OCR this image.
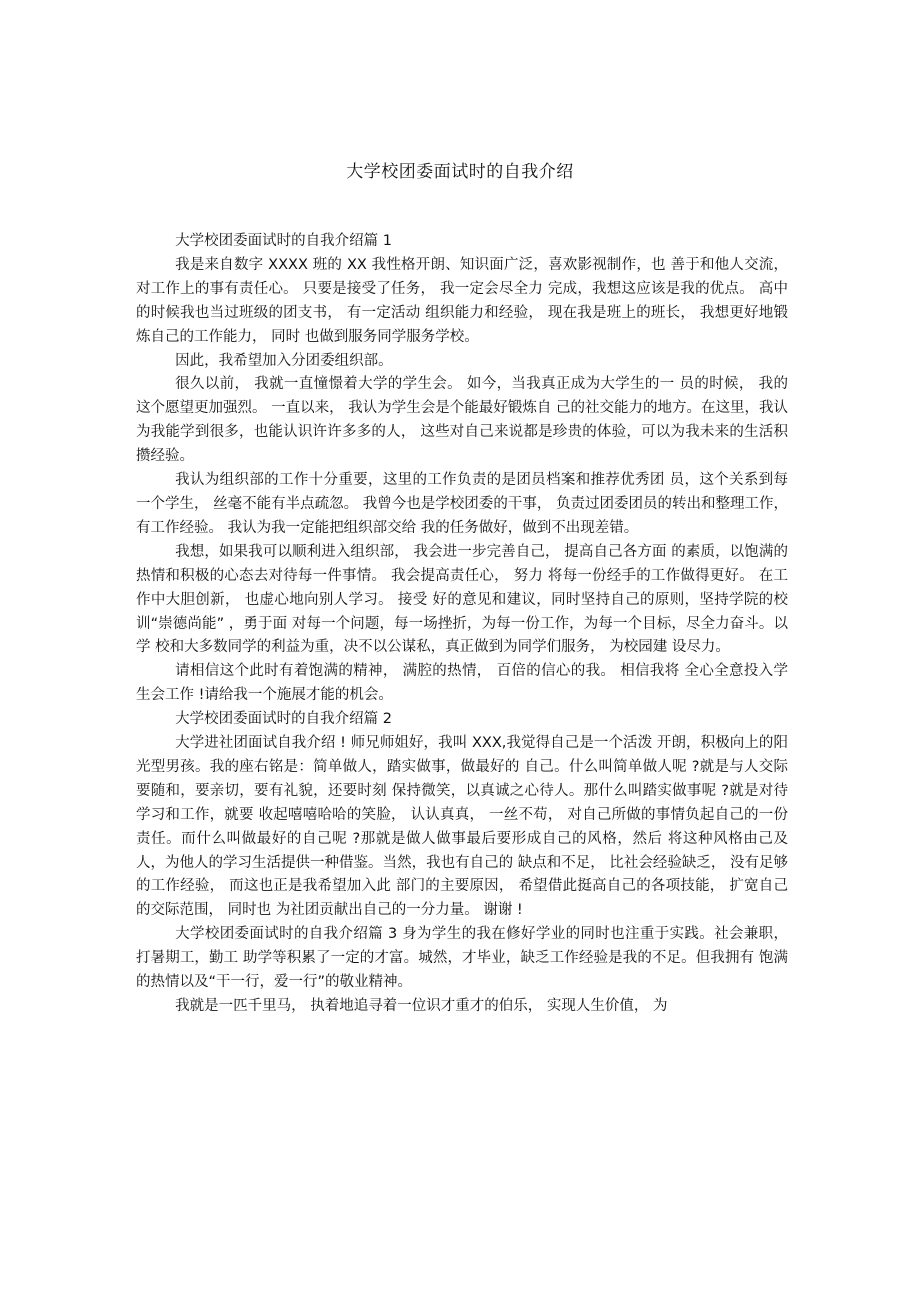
大学校团委面试时的自我介绍

大学校团委面试时的自我介绍篇 1

我是来自数字 XXXX 班的 XX 我性格开朗、知识面广泛，喜欢影视制作，也 善于和他人交流， 对工作上的事有责任心。 只要是接受了任务， 我一定会尽全力 完成，我想这应该是我的优点。 高中的时候我也当过班级的团支书， 有一定活动 组织能力和经验， 现在我是班上的班长， 我想更好地锻炼自己的工作能力， 同时 也做到服务同学服务学校。

因此，我希望加入分团委组织部。

很久以前， 我就一直憧憬着大学的学生会。 如今，当我真正成为大学生的一 员的时候， 我的这个愿望更加强烈。 一直以来， 我认为学生会是个能最好锻炼自 己的社交能力的地方。在这里，我认为我能学到很多，也能认识许许多多的人， 这些对自己来说都是珍贵的体验，可以为我未来的生活积攒经验。

我认为组织部的工作十分重要，这里的工作负责的是团员档案和推荐优秀团 员，这个关系到每一个学生， 丝毫不能有半点疏忽。 我曾今也是学校团委的干事， 负责过团委团员的转出和整理工作， 有工作经验。 我认为我一定能把组织部交给 我的任务做好，做到不出现差错。

我想，如果我可以顺利进入组织部， 我会进一步完善自己， 提高自己各方面 的素质，以饱满的热情和积极的心态去对待每一件事情。 我会提高责任心， 努力 将每一份经手的工作做得更好。 在工作中大胆创新， 也虚心地向别人学习。 接受 好的意见和建议，同时坚持自己的原则，坚持学院的校训“崇德尚能” ，勇于面 对每一个问题，每一场挫折，为每一份工作，为每一个目标，尽全力奋斗。以学 校和大多数同学的利益为重，决不以公谋私，真正做到为同学们服务， 为校园建 设尽力。

请相信这个此时有着饱满的精神， 满腔的热情， 百倍的信心的我。 相信我将 全心全意投入学生会工作 !请给我一个施展才能的机会。

大学校团委面试时的自我介绍篇 2

大学进社团面试自我介绍 ! 师兄师姐好，我叫 XXX,我觉得自己是一个活泼 开朗，积极向上的阳光型男孩。我的座右铭是：简单做人，踏实做事，做最好的 自己。什么叫简单做人呢 ?就是与人交际要随和，要亲切，要有礼貌，还要时刻 保持微笑，以真诚之心待人。那什么叫踏实做事呢 ?就是对待学习和工作，就要 收起嘻嘻哈哈的笑脸， 认认真真， 一丝不苟， 对自己所做的事情负起自己的一份 责任。而什么叫做最好的自己呢 ?那就是做人做事最后要形成自己的风格，然后 将这种风格由己及人，为他人的学习生活提供一种借鉴。当然，我也有自己的 缺点和不足， 比社会经验缺乏， 没有足够的工作经验， 而这也正是我希望加入此 部门的主要原因， 希望借此挺高自己的各项技能， 扩宽自己的交际范围， 同时也 为社团贡献出自己的一分力量。 谢谢 !

大学校团委面试时的自我介绍篇 3 身为学生的我在修好学业的同时也注重于实践。社会兼职，打暑期工，勤工 助学等积累了一定的才富。城然，才毕业，缺乏工作经验是我的不足。但我拥有 饱满的热情以及“干一行，爱一行”的敬业精神。

我就是一匹千里马， 执着地追寻着一位识才重才的伯乐， 实现人生价值， 为
